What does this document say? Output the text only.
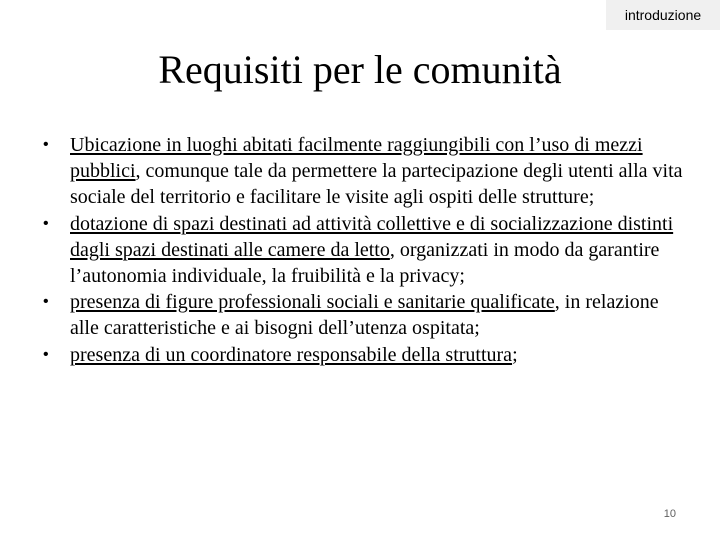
introduzione
Requisiti per le comunità
• Ubicazione in luoghi abitati facilmente raggiungibili con l’uso di mezzi pubblici, comunque tale da permettere la partecipazione degli utenti alla vita sociale del territorio e facilitare le visite agli ospiti delle strutture;
• dotazione di spazi destinati ad attività collettive e di socializzazione distinti dagli spazi destinati alle camere da letto, organizzati in modo da garantire l’autonomia individuale, la fruibilità e la privacy;
• presenza di figure professionali sociali e sanitarie qualificate, in relazione alle caratteristiche e ai bisogni dell’utenza ospitata;
• presenza di un coordinatore responsabile della struttura;
10
